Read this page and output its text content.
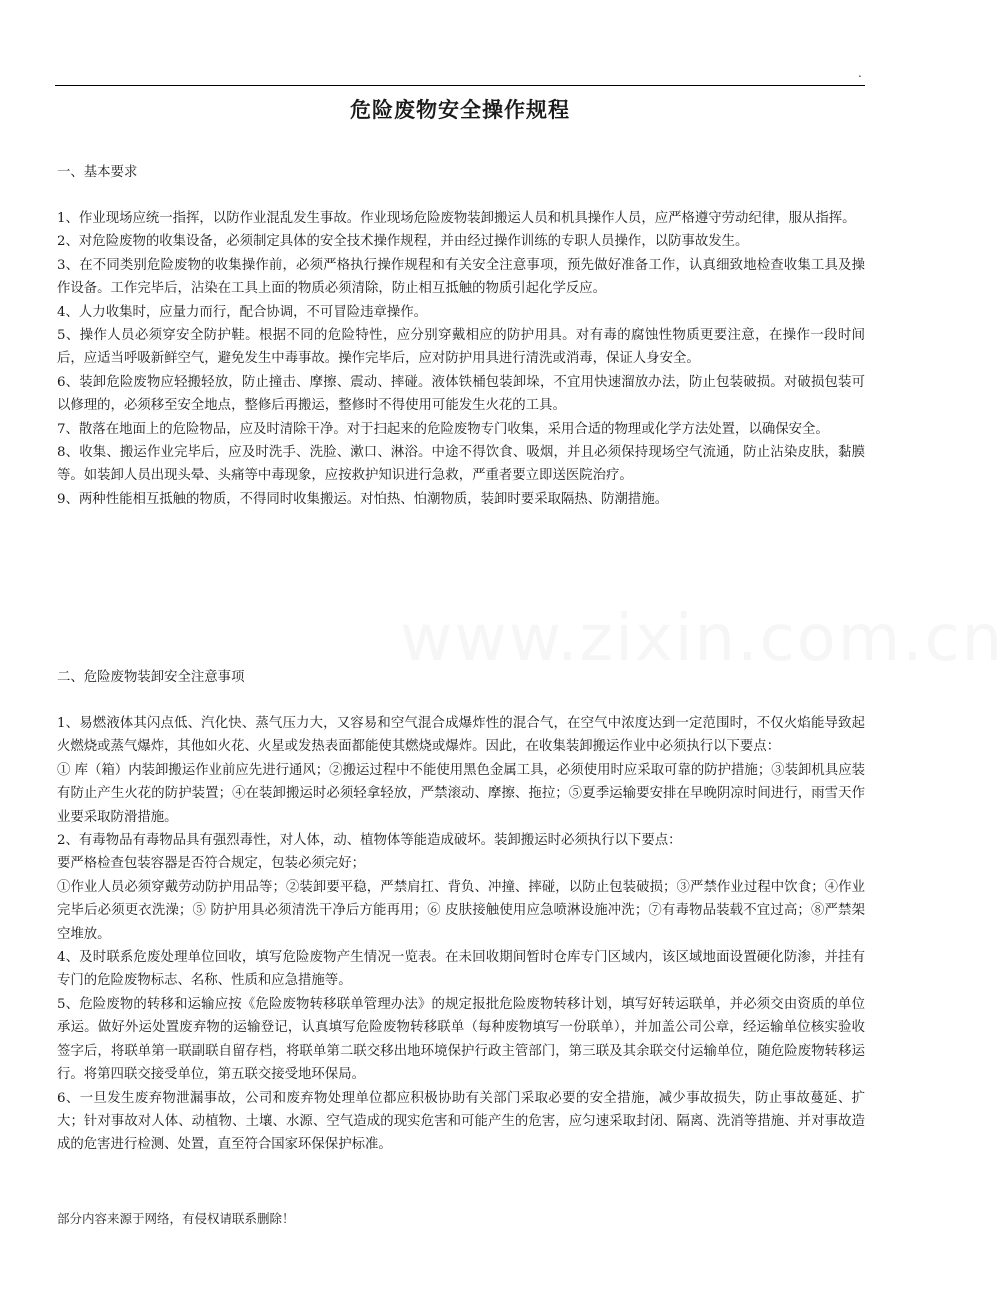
.
www.zixin.com.cn
危险废物安全操作规程

一、基本要求

1、作业现场应统一指挥，以防作业混乱发生事故。作业现场危险废物装卸搬运人员和机具操作人员，应严格遵守劳动纪律，服从指挥。

2、对危险废物的收集设备，必须制定具体的安全技术操作规程，并由经过操作训练的专职人员操作，以防事故发生。

3、在不同类别危险废物的收集操作前，必须严格执行操作规程和有关安全注意事项，预先做好准备工作，认真细致地检查收集工具及操作设备。工作完毕后，沾染在工具上面的物质必须清除，防止相互抵触的物质引起化学反应。

4、人力收集时，应量力而行，配合协调，不可冒险违章操作。

5、操作人员必须穿安全防护鞋。根据不同的危险特性，应分别穿戴相应的防护用具。对有毒的腐蚀性物质更要注意，在操作一段时间后，应适当呼吸新鲜空气，避免发生中毒事故。操作完毕后，应对防护用具进行清洗或消毒，保证人身安全。

6、装卸危险废物应轻搬轻放，防止撞击、摩擦、震动、摔碰。液体铁桶包装卸垛，不宜用快速溜放办法，防止包装破损。对破损包装可以修理的，必须移至安全地点，整修后再搬运，整修时不得使用可能发生火花的工具。

7、散落在地面上的危险物品，应及时清除干净。对于扫起来的危险废物专门收集，采用合适的物理或化学方法处置，以确保安全。

8、收集、搬运作业完毕后，应及时洗手、洗脸、漱口、淋浴。中途不得饮食、吸烟，并且必须保持现场空气流通，防止沾染皮肤，黏膜等。如装卸人员出现头晕、头痛等中毒现象，应按救护知识进行急救，严重者要立即送医院治疗。

9、两种性能相互抵触的物质，不得同时收集搬运。对怕热、怕潮物质，装卸时要采取隔热、防潮措施。

二、危险废物装卸安全注意事项

1、易燃液体其闪点低、汽化快、蒸气压力大，又容易和空气混合成爆炸性的混合气，在空气中浓度达到一定范围时，不仅火焰能导致起火燃烧或蒸气爆炸，其他如火花、火星或发热表面都能使其燃烧或爆炸。因此，在收集装卸搬运作业中必须执行以下要点：

① 库（箱）内装卸搬运作业前应先进行通风；②搬运过程中不能使用黑色金属工具，必须使用时应采取可靠的防护措施；③装卸机具应装有防止产生火花的防护装置；④在装卸搬运时必须轻拿轻放，严禁滚动、摩擦、拖拉；⑤夏季运输要安排在早晚阴凉时间进行，雨雪天作业要采取防滑措施。

2、有毒物品有毒物品具有强烈毒性，对人体，动、植物体等能造成破坏。装卸搬运时必须执行以下要点：

要严格检查包装容器是否符合规定，包装必须完好；

①作业人员必须穿戴劳动防护用品等；②装卸要平稳，严禁肩扛、背负、冲撞、摔碰，以防止包装破损；③严禁作业过程中饮食；④作业完毕后必须更衣洗澡；⑤ 防护用具必须清洗干净后方能再用；⑥ 皮肤接触使用应急喷淋设施冲洗；⑦有毒物品装载不宜过高；⑧严禁架空堆放。

4、及时联系危废处理单位回收，填写危险废物产生情况一览表。在未回收期间暂时仓库专门区域内，该区域地面设置硬化防渗，并挂有专门的危险废物标志、名称、性质和应急措施等。

5、危险废物的转移和运输应按《危险废物转移联单管理办法》的规定报批危险废物转移计划，填写好转运联单，并必须交由资质的单位承运。做好外运处置废弃物的运输登记，认真填写危险废物转移联单（每种废物填写一份联单），并加盖公司公章，经运输单位核实验收签字后，将联单第一联副联自留存档，将联单第二联交移出地环境保护行政主管部门，第三联及其余联交付运输单位，随危险废物转移运行。将第四联交接受单位，第五联交接受地环保局。

6、一旦发生废弃物泄漏事故，公司和废弃物处理单位都应积极协助有关部门采取必要的安全措施，减少事故损失，防止事故蔓延、扩大；针对事故对人体、动植物、土壤、水源、空气造成的现实危害和可能产生的危害，应匀速采取封闭、隔离、洗消等措施、并对事故造成的危害进行检测、处置，直至符合国家环保保护标准。

部分内容来源于网络，有侵权请联系删除！
